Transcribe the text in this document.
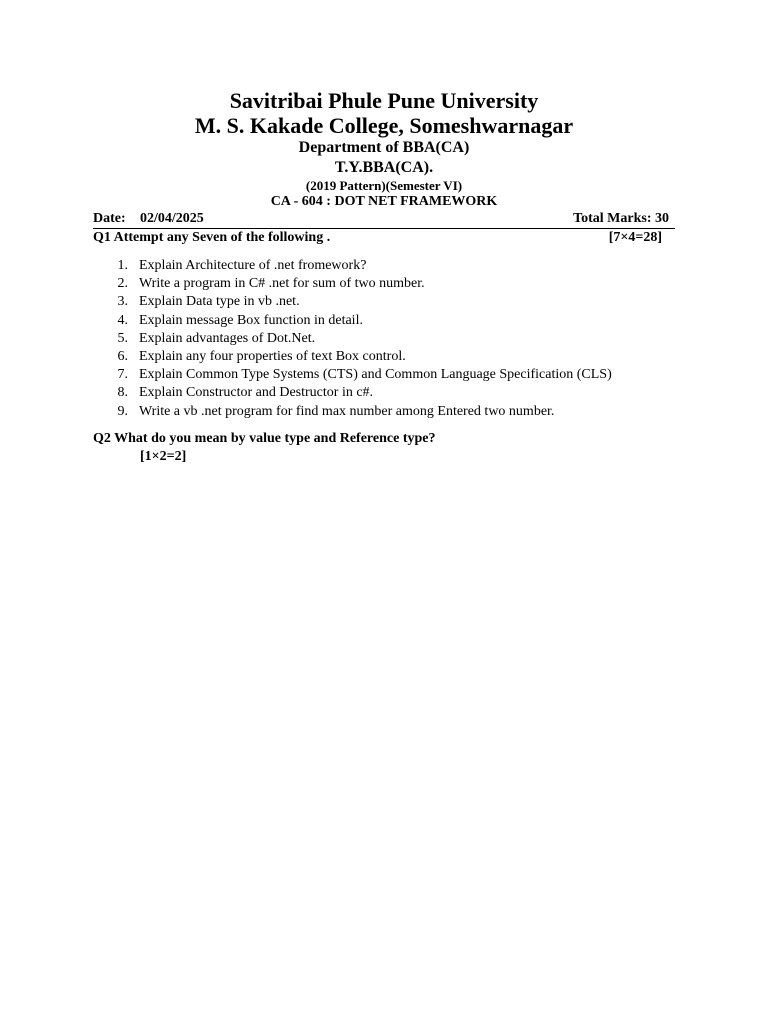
Savitribai Phule Pune University
M. S. Kakade College, Someshwarnagar
Department of BBA(CA)
T.Y.BBA(CA).
(2019 Pattern)(Semester VI)
CA - 604 : DOT NET FRAMEWORK
Date: 02/04/2025	Total Marks: 30
Q1 Attempt any Seven of the following .	[7×4=28]
1. Explain Architecture of .net fromework?
2. Write a program in C# .net for sum of two number.
3. Explain Data type in vb .net.
4. Explain message Box function in detail.
5. Explain advantages of Dot.Net.
6. Explain any four properties of text Box control.
7. Explain Common Type Systems (CTS) and Common Language Specification (CLS)
8. Explain Constructor and Destructor in c#.
9. Write a vb .net program for find max number among Entered two number.
Q2 What do you mean by value type and Reference type?
[1×2=2]
